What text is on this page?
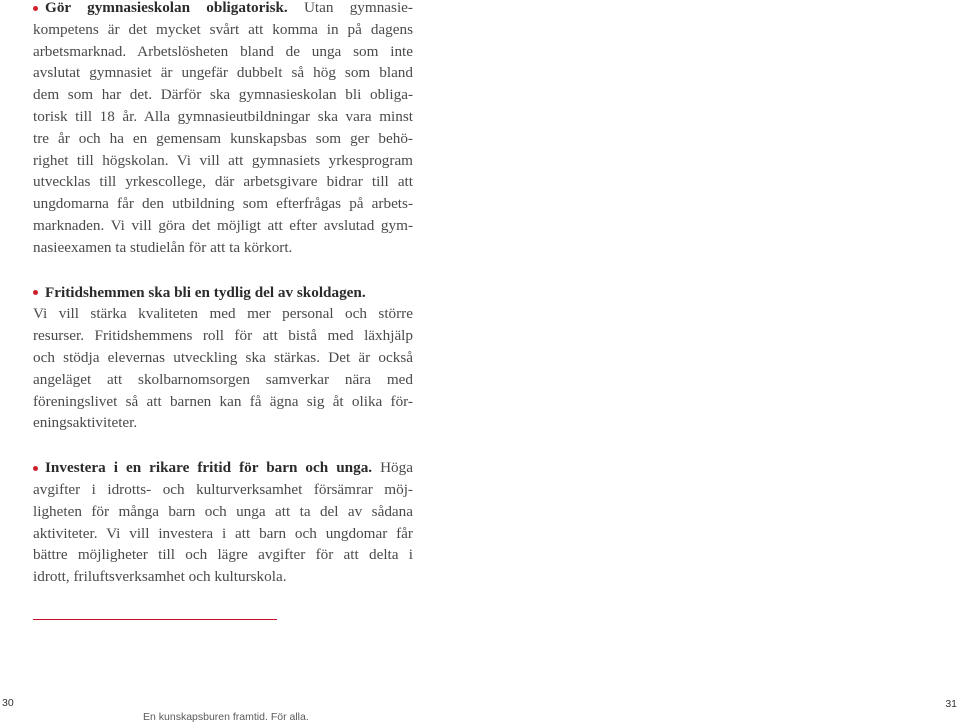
Gör gymnasieskolan obligatorisk. Utan gymnasie-
kompetens är det mycket svårt att komma in på dagens
arbetsmarknad. Arbetslösheten bland de unga som inte
avslutat gymnasiet är ungefär dubbelt så hög som bland
dem som har det. Därför ska gymnasieskolan bli obliga-
torisk till 18 år. Alla gymnasieutbildningar ska vara minst
tre år och ha en gemensam kunskapsbas som ger behö-
righet till högskolan. Vi vill att gymnasiets yrkesprogram
utvecklas till yrkescollege, där arbetsgivare bidrar till att
ungdomarna får den utbildning som efterfrågas på arbets-
marknaden. Vi vill göra det möjligt att efter avslutad gym-
nasieexamen ta studielån för att ta körkort.
Fritidshemmen ska bli en tydlig del av skoldagen.
Vi vill stärka kvaliteten med mer personal och större
resurser. Fritidshemmens roll för att bistå med läxhjälp
och stödja elevernas utveckling ska stärkas. Det är också
angeläget att skolbarnomsorgen samverkar nära med
föreningslivet så att barnen kan få ägna sig åt olika för-
eningsaktiviteter.
Investera i en rikare fritid för barn och unga. Höga
avgifter i idrotts- och kulturverksamhet försämrar möj-
ligheten för många barn och unga att ta del av sådana
aktiviteter. Vi vill investera i att barn och ungdomar får
bättre möjligheter till och lägre avgifter för att delta i
idrott, friluftsverksamhet och kulturskola.
30
En kunskapsburen framtid. För alla.
31
